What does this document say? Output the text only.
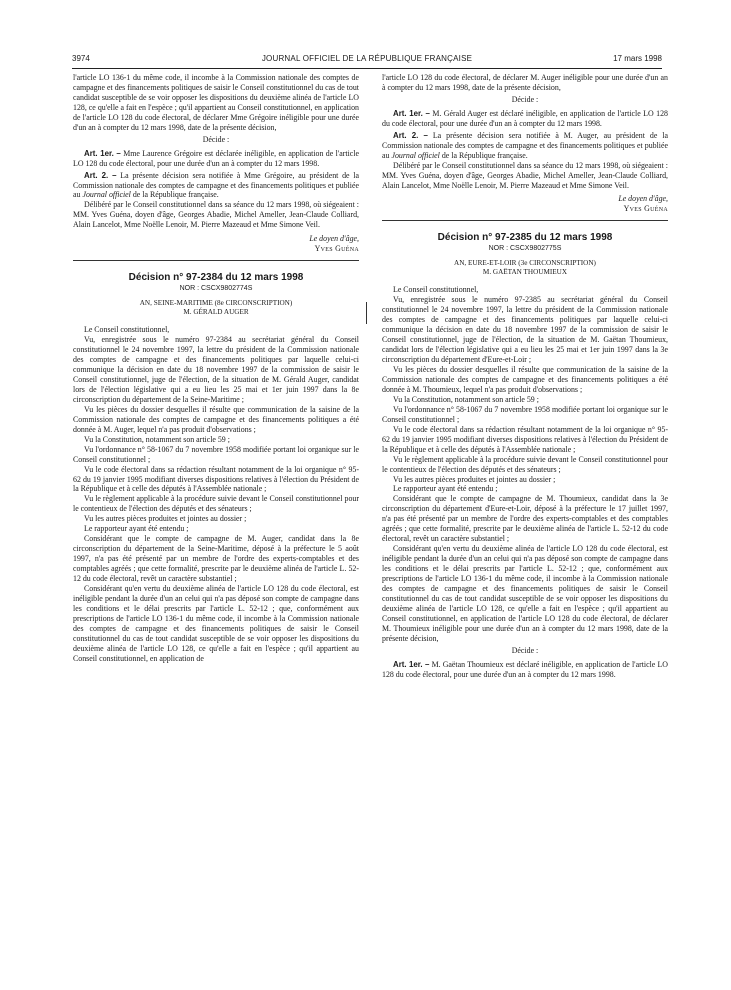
3974	JOURNAL OFFICIEL DE LA RÉPUBLIQUE FRANÇAISE	17 mars 1998

l'article LO 136-1 du même code, il incombe à la Commission nationale des comptes de campagne et des financements politiques de saisir le Conseil constitutionnel du cas de tout candidat susceptible de se voir opposer les dispositions du deuxième alinéa de l'article LO 128, ce qu'elle a fait en l'espèce ; qu'il appartient au Conseil constitutionnel, en application de l'article LO 128 du code électoral, de déclarer Mme Grégoire inéligible pour une durée d'un an à compter du 12 mars 1998, date de la présente décision,

Décide :

Art. 1er. – Mme Laurence Grégoire est déclarée inéligible, en application de l'article LO 128 du code électoral, pour une durée d'un an à compter du 12 mars 1998.

Art. 2. – La présente décision sera notifiée à Mme Grégoire, au président de la Commission nationale des comptes de campagne et des financements politiques et publiée au Journal officiel de la République française.

Délibéré par le Conseil constitutionnel dans sa séance du 12 mars 1998, où siégeaient : MM. Yves Guéna, doyen d'âge, Georges Abadie, Michel Ameller, Jean-Claude Colliard, Alain Lancelot, Mme Noëlle Lenoir, M. Pierre Mazeaud et Mme Simone Veil.

Le doyen d'âge,

Yves Guéna

Décision n° 97-2384 du 12 mars 1998

NOR : CSCX9802774S

AN, SEINE-MARITIME (8e CIRCONSCRIPTION)

M. GÉRALD AUGER

Le Conseil constitutionnel,

Vu, enregistrée sous le numéro 97-2384 au secrétariat général du Conseil constitutionnel le 24 novembre 1997, la lettre du président de la Commission nationale des comptes de campagne et des financements politiques par laquelle celui-ci communique la décision en date du 18 novembre 1997 de la commission de saisir le Conseil constitutionnel, juge de l'élection, de la situation de M. Gérald Auger, candidat lors de l'élection législative qui a eu lieu les 25 mai et 1er juin 1997 dans la 8e circonscription du département de la Seine-Maritime ;

Vu les pièces du dossier desquelles il résulte que communication de la saisine de la Commission nationale des comptes de campagne et des financements politiques a été donnée à M. Auger, lequel n'a pas produit d'observations ;

Vu la Constitution, notamment son article 59 ;

Vu l'ordonnance n° 58-1067 du 7 novembre 1958 modifiée portant loi organique sur le Conseil constitutionnel ;

Vu le code électoral dans sa rédaction résultant notamment de la loi organique n° 95-62 du 19 janvier 1995 modifiant diverses dispositions relatives à l'élection du Président de la République et à celle des députés à l'Assemblée nationale ;

Vu le règlement applicable à la procédure suivie devant le Conseil constitutionnel pour le contentieux de l'élection des députés et des sénateurs ;

Vu les autres pièces produites et jointes au dossier ;

Le rapporteur ayant été entendu ;

Considérant que le compte de campagne de M. Auger, candidat dans la 8e circonscription du département de la Seine-Maritime, déposé à la préfecture le 5 août 1997, n'a pas été présenté par un membre de l'ordre des experts-comptables et des comptables agréés ; que cette formalité, prescrite par le deuxième alinéa de l'article L. 52-12 du code électoral, revêt un caractère substantiel ;

Considérant qu'en vertu du deuxième alinéa de l'article LO 128 du code électoral, est inéligible pendant la durée d'un an celui qui n'a pas déposé son compte de campagne dans les conditions et le délai prescrits par l'article L. 52-12 ; que, conformément aux prescriptions de l'article LO 136-1 du même code, il incombe à la Commission nationale des comptes de campagne et des financements politiques de saisir le Conseil constitutionnel du cas de tout candidat susceptible de se voir opposer les dispositions du deuxième alinéa de l'article LO 128, ce qu'elle a fait en l'espèce ; qu'il appartient au Conseil constitutionnel, en application de

l'article LO 128 du code électoral, de déclarer M. Auger inéligible pour une durée d'un an à compter du 12 mars 1998, date de la présente décision,

Décide :

Art. 1er. – M. Gérald Auger est déclaré inéligible, en application de l'article LO 128 du code électoral, pour une durée d'un an à compter du 12 mars 1998.

Art. 2. – La présente décision sera notifiée à M. Auger, au président de la Commission nationale des comptes de campagne et des financements politiques et publiée au Journal officiel de la République française.

Délibéré par le Conseil constitutionnel dans sa séance du 12 mars 1998, où siégeaient : MM. Yves Guéna, doyen d'âge, Georges Abadie, Michel Ameller, Jean-Claude Colliard, Alain Lancelot, Mme Noëlle Lenoir, M. Pierre Mazeaud et Mme Simone Veil.

Le doyen d'âge,

Yves Guéna

Décision n° 97-2385 du 12 mars 1998

NOR : CSCX9802775S

AN, EURE-ET-LOIR (3e CIRCONSCRIPTION)

M. GAËTAN THOUMIEUX

Le Conseil constitutionnel,

Vu, enregistrée sous le numéro 97-2385 au secrétariat général du Conseil constitutionnel le 24 novembre 1997, la lettre du président de la Commission nationale des comptes de campagne et des financements politiques par laquelle celui-ci communique la décision en date du 18 novembre 1997 de la commission de saisir le Conseil constitutionnel, juge de l'élection, de la situation de M. Gaëtan Thoumieux, candidat lors de l'élection législative qui a eu lieu les 25 mai et 1er juin 1997 dans la 3e circonscription du département d'Eure-et-Loir ;

Vu les pièces du dossier desquelles il résulte que communication de la saisine de la Commission nationale des comptes de campagne et des financements politiques a été donnée à M. Thoumieux, lequel n'a pas produit d'observations ;

Vu la Constitution, notamment son article 59 ;

Vu l'ordonnance n° 58-1067 du 7 novembre 1958 modifiée portant loi organique sur le Conseil constitutionnel ;

Vu le code électoral dans sa rédaction résultant notamment de la loi organique n° 95-62 du 19 janvier 1995 modifiant diverses dispositions relatives à l'élection du Président de la République et à celle des députés à l'Assemblée nationale ;

Vu le règlement applicable à la procédure suivie devant le Conseil constitutionnel pour le contentieux de l'élection des députés et des sénateurs ;

Vu les autres pièces produites et jointes au dossier ;

Le rapporteur ayant été entendu ;

Considérant que le compte de campagne de M. Thoumieux, candidat dans la 3e circonscription du département d'Eure-et-Loir, déposé à la préfecture le 17 juillet 1997, n'a pas été présenté par un membre de l'ordre des experts-comptables et des comptables agréés ; que cette formalité, prescrite par le deuxième alinéa de l'article L. 52-12 du code électoral, revêt un caractère substantiel ;

Considérant qu'en vertu du deuxième alinéa de l'article LO 128 du code électoral, est inéligible pendant la durée d'un an celui qui n'a pas déposé son compte de campagne dans les conditions et le délai prescrits par l'article L. 52-12 ; que, conformément aux prescriptions de l'article LO 136-1 du même code, il incombe à la Commission nationale des comptes de campagne et des financements politiques de saisir le Conseil constitutionnel du cas de tout candidat susceptible de se voir opposer les dispositions du deuxième alinéa de l'article LO 128, ce qu'elle a fait en l'espèce ; qu'il appartient au Conseil constitutionnel, en application de l'article LO 128 du code électoral, de déclarer M. Thoumieux inéligible pour une durée d'un an à compter du 12 mars 1998, date de la présente décision,

Décide :

Art. 1er. – M. Gaëtan Thoumieux est déclaré inéligible, en application de l'article LO 128 du code électoral, pour une durée d'un an à compter du 12 mars 1998.
